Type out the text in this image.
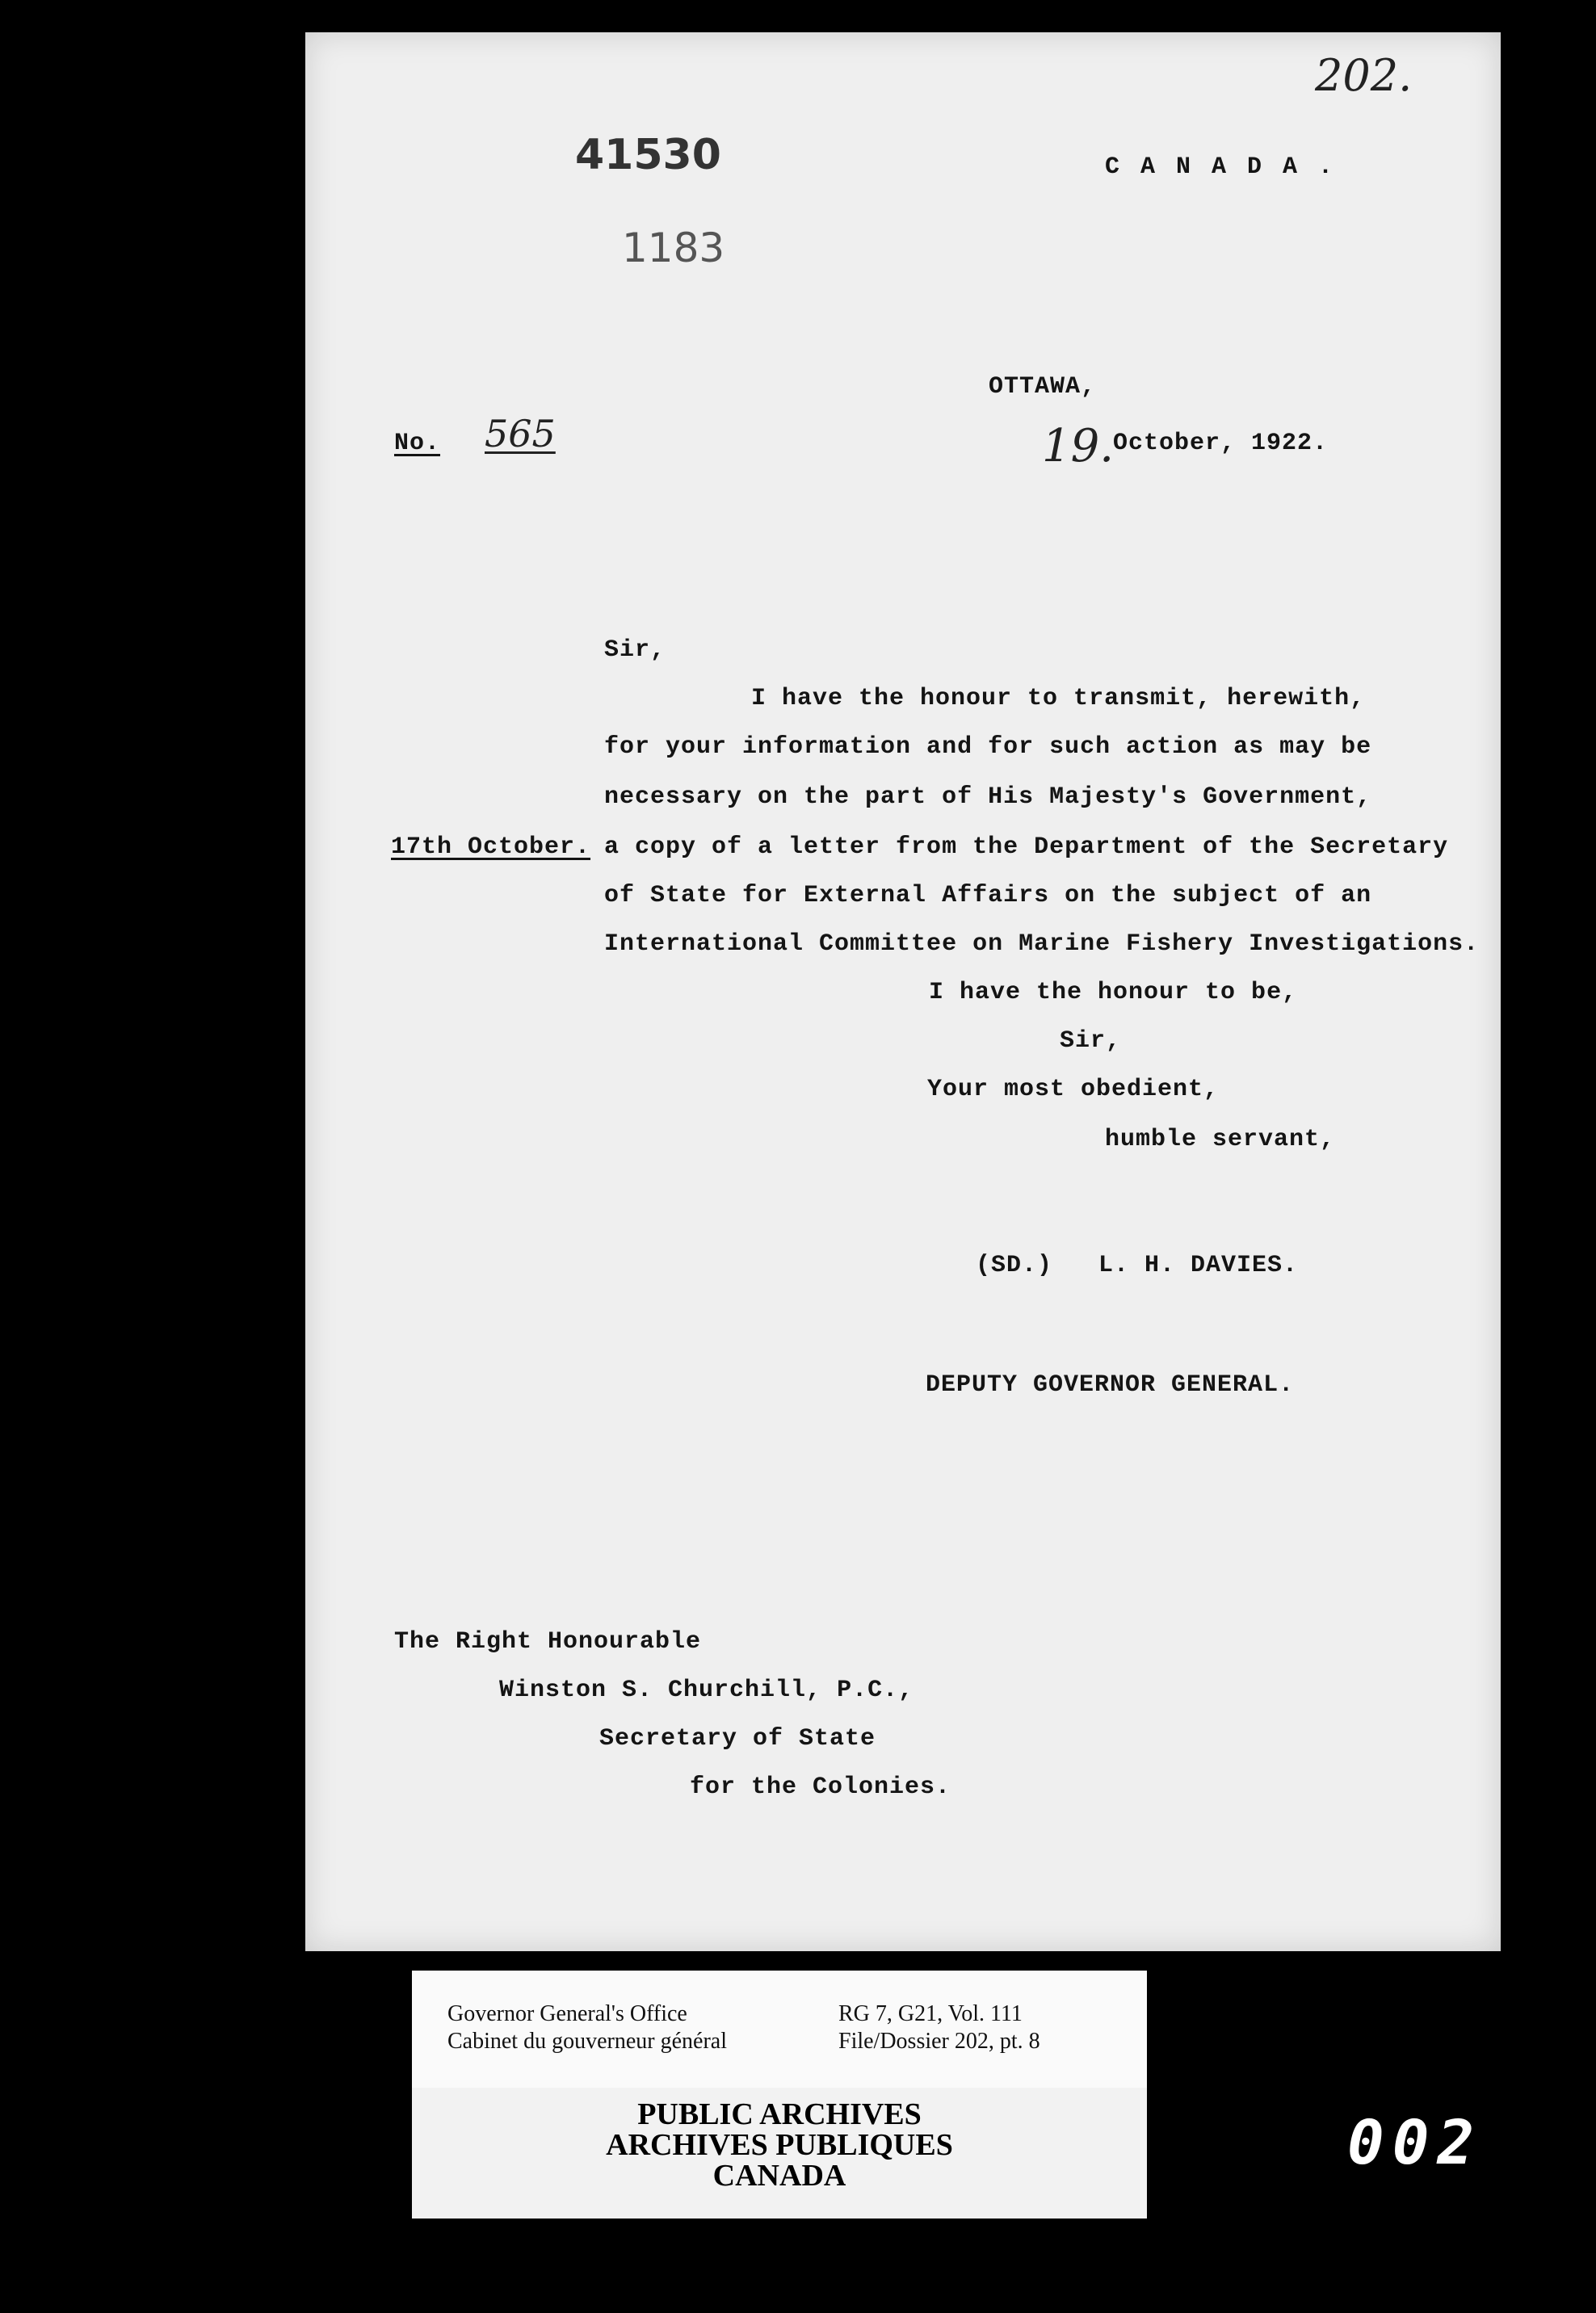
202.
41530
1183
C A N A D A .
OTTAWA,
No. 565	19.
October, 1922.
17th October.
Sir,
I have the honour to transmit, herewith,
for your information and for such action as may be
necessary on the part of His Majesty's Government,
a copy of a letter from the Department of the Secretary
of State for External Affairs on the subject of an
International Committee on Marine Fishery Investigations.
I have the honour to be,
Sir,
Your most obedient,
humble servant,
(SD.)   L. H. DAVIES.
DEPUTY GOVERNOR GENERAL.
The Right Honourable
Winston S. Churchill, P.C.,
Secretary of State
for the Colonies.
Governor General's Office
Cabinet du gouverneur général
RG 7, G21, Vol. 111
File/Dossier 202, pt. 8
PUBLIC ARCHIVES
ARCHIVES PUBLIQUES
CANADA	002
